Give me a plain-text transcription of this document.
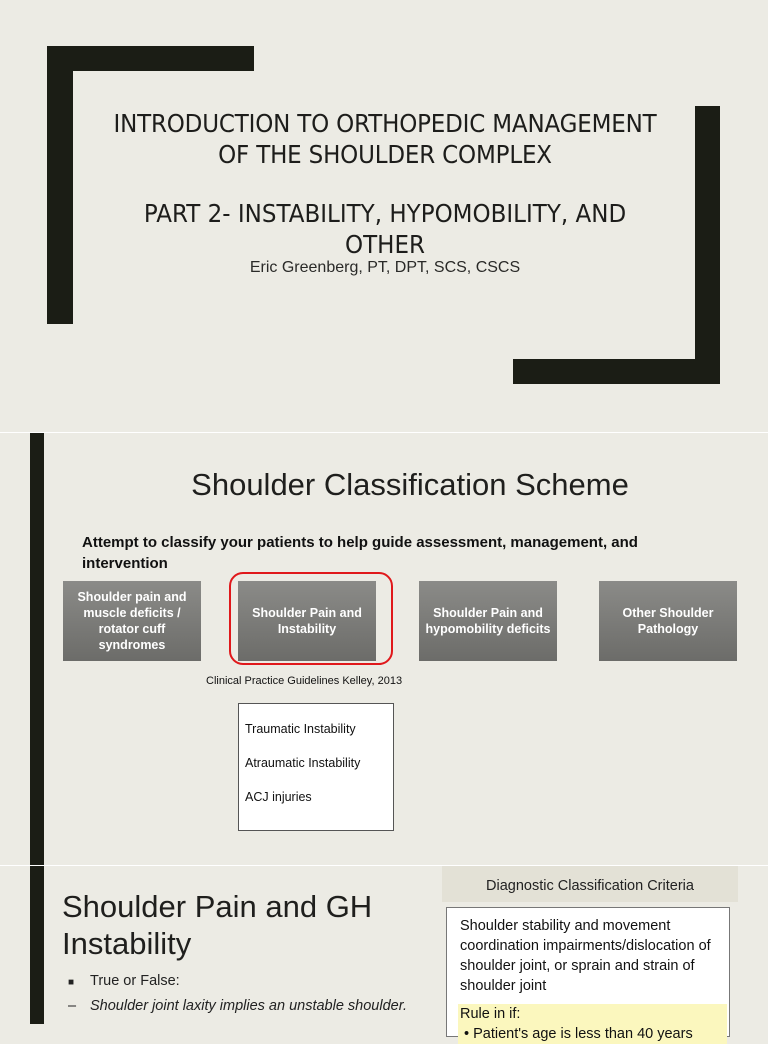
INTRODUCTION TO ORTHOPEDIC MANAGEMENT OF THE SHOULDER COMPLEX
PART 2- INSTABILITY, HYPOMOBILITY, AND OTHER
Eric Greenberg, PT, DPT, SCS, CSCS
Shoulder Classification Scheme
Attempt to classify your patients to help guide assessment, management, and intervention
Shoulder pain and muscle deficits / rotator cuff syndromes
Shoulder Pain and Instability
Shoulder Pain and hypomobility deficits
Other Shoulder Pathology
Clinical Practice Guidelines Kelley, 2013
Traumatic Instability
Atraumatic Instability
ACJ injuries
Shoulder Pain and GH Instability
■ True or False:
– Shoulder joint laxity implies an unstable shoulder.
Diagnostic Classification Criteria
Shoulder stability and movement coordination impairments/dislocation of shoulder joint, or sprain and strain of shoulder joint
Rule in if:
• Patient's age is less than 40 years
